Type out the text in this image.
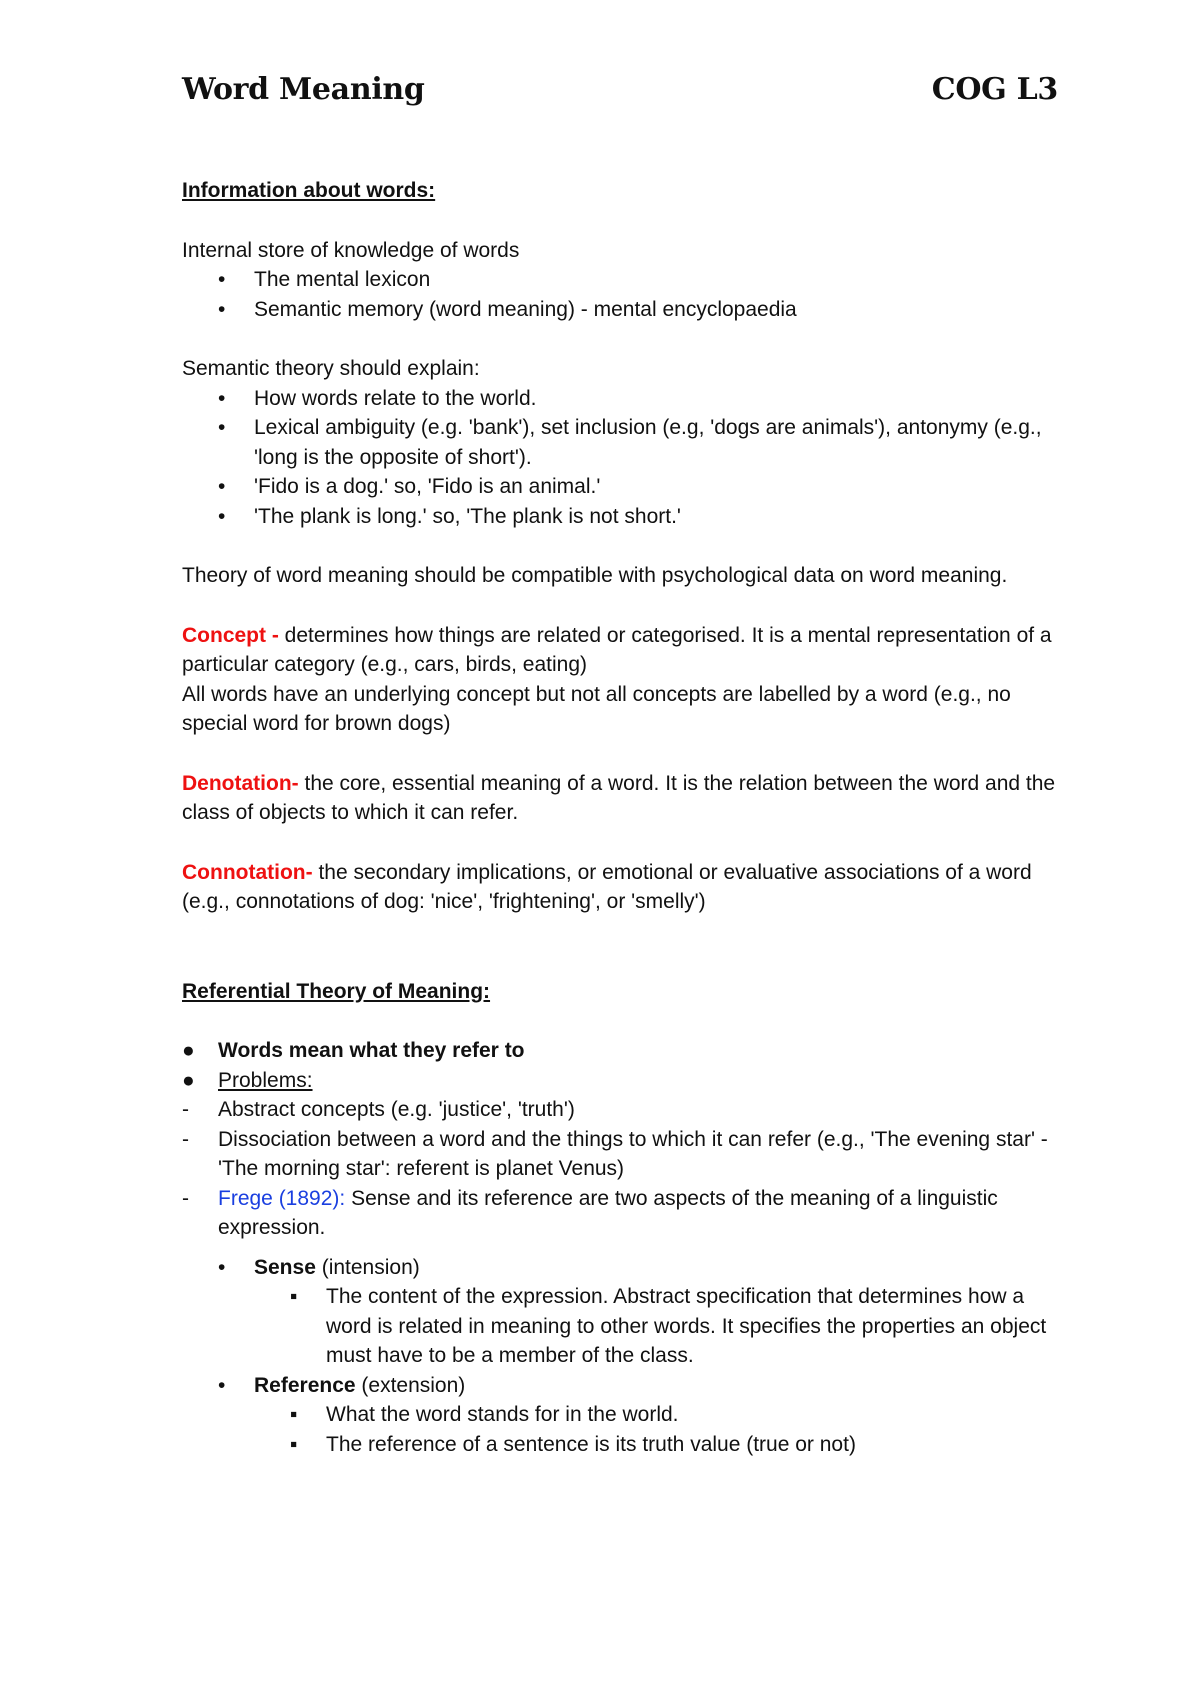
Word Meaning	COG L3

Information about words:

Internal store of knowledge of words

•	The mental lexicon
•	Semantic memory (word meaning) - mental encyclopaedia

Semantic theory should explain:

•	How words relate to the world.
•	Lexical ambiguity (e.g. 'bank'), set inclusion (e.g, 'dogs are animals'), antonymy (e.g., 'long is the opposite of short').
•	'Fido is a dog.' so, 'Fido is an animal.'
•	'The plank is long.' so, 'The plank is not short.'

Theory of word meaning should be compatible with psychological data on word meaning.

Concept - determines how things are related or categorised. It is a mental representation of a particular category (e.g., cars, birds, eating)

All words have an underlying concept but not all concepts are labelled by a word (e.g., no special word for brown dogs)

Denotation- the core, essential meaning of a word. It is the relation between the word and the class of objects to which it can refer.

Connotation- the secondary implications, or emotional or evaluative associations of a word (e.g., connotations of dog: 'nice', 'frightening', or 'smelly')

Referential Theory of Meaning:

●	Words mean what they refer to
●	Problems:
-	Abstract concepts (e.g. 'justice', 'truth')
-	Dissociation between a word and the things to which it can refer (e.g., 'The evening star' - 'The morning star': referent is planet Venus)
-	Frege (1892): Sense and its reference are two aspects of the meaning of a linguistic expression.
•	Sense (intension)
▪	The content of the expression. Abstract specification that determines how a word is related in meaning to other words. It specifies the properties an object must have to be a member of the class.
•	Reference (extension)
▪	What the word stands for in the world.
▪	The reference of a sentence is its truth value (true or not)
